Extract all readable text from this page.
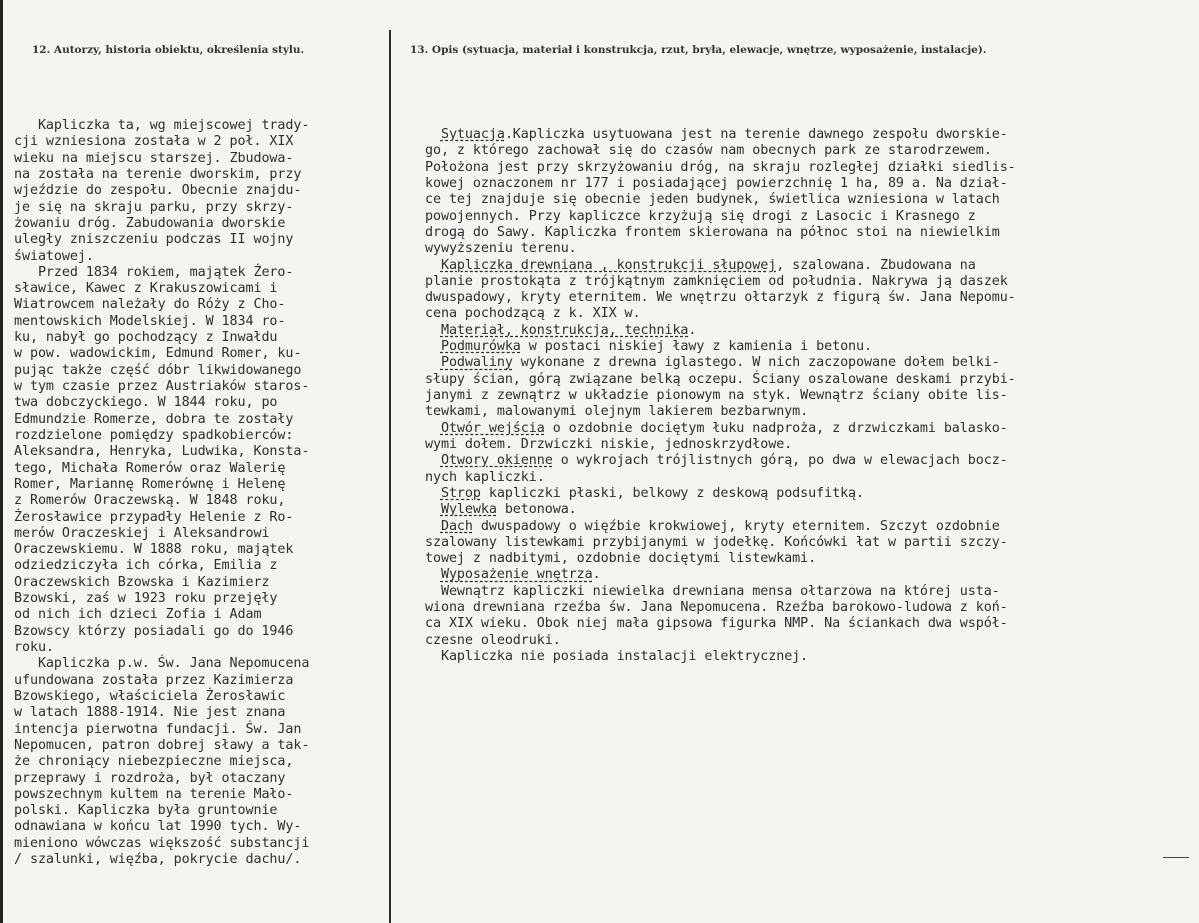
12. Autorzy, historia obiektu, określenia stylu.	13. Opis (sytuacja, materiał i konstrukcja, rzut, bryła, elewacje, wnętrze, wyposażenie, instalacje).
Kapliczka ta, wg miejscowej trady-
cji wzniesiona została w 2 poł. XIX
wieku na miejscu starszej. Zbudowa-
na została na terenie dworskim, przy
wjeździe do zespołu. Obecnie znajdu-
je się na skraju parku, przy skrzy-
żowaniu dróg. Zabudowania dworskie
uległy zniszczeniu podczas II wojny
światowej.
Przed 1834 rokiem, majątek Żero-
sławice, Kawec z Krakuszowicami i
Wiatrowcem należały do Róży z Cho-
mentowskich Modelskiej. W 1834 ro-
ku, nabył go pochodzący z Inwałdu
w pow. wadowickim, Edmund Romer, ku-
pując także część dóbr likwidowanego
w tym czasie przez Austriaków staros-
twa dobczyckiego. W 1844 roku, po
Edmundzie Romerze, dobra te zostały
rozdzielone pomiędzy spadkobierców:
Aleksandra, Henryka, Ludwika, Konsta-
tego, Michała Romerów oraz Walerię
Romer, Mariannę Romerównę i Helenę
z Romerów Oraczewską. W 1848 roku,
Żerosławice przypadły Helenie z Ro-
merów Oraczeskiej i Aleksandrowi
Oraczewskiemu. W 1888 roku, majątek
odziedziczyła ich córka, Emilia z
Oraczewskich Bzowska i Kazimierz
Bzowski, zaś w 1923 roku przejęły
od nich ich dzieci Zofia i Adam
Bzowscy którzy posiadali go do 1946
roku.
Kapliczka p.w. Św. Jana Nepomucena
ufundowana została przez Kazimierza
Bzowskiego, właściciela Żerosławic
w latach 1888-1914. Nie jest znana
intencja pierwotna fundacji. Św. Jan
Nepomucen, patron dobrej sławy a tak-
że chroniący niebezpieczne miejsca,
przeprawy i rozdroża, był otaczany
powszechnym kultem na terenie Mało-
polski. Kapliczka była gruntownie
odnawiana w końcu lat 1990 tych. Wy-
mieniono wówczas większość substancji
/ szalunki, więźba, pokrycie dachu/.
Sytuacja.Kapliczka usytuowana jest na terenie dawnego zespołu dworskie-
go, z którego zachował się do czasów nam obecnych park ze starodrzewem.
Położona jest przy skrzyżowaniu dróg, na skraju rozległej działki siedlis-
kowej oznaczonem nr 177 i posiadającej powierzchnię 1 ha, 89 a. Na dział-
ce tej znajduje się obecnie jeden budynek, świetlica wzniesiona w latach
powojennych. Przy kapliczce krzyżują się drogi z Lasocic i Krasnego z
drogą do Sawy. Kapliczka frontem skierowana na północ stoi na niewielkim
wywyższeniu terenu.
Kapliczka drewniana , konstrukcji słupowej, szalowana. Zbudowana na
planie prostokąta z trójkątnym zamknięciem od południa. Nakrywa ją daszek
dwuspadowy, kryty eternitem. We wnętrzu ołtarzyk z figurą św. Jana Nepomu-
cena pochodzącą z k. XIX w.
Materiał, konstrukcja, technika.
Podmurówka w postaci niskiej ławy z kamienia i betonu.
Podwaliny wykonane z drewna iglastego. W nich zaczopowane dołem belki-
słupy ścian, górą związane belką oczepu. Ściany oszalowane deskami przybi-
janymi z zewnątrz w układzie pionowym na styk. Wewnątrz ściany obite lis-
tewkami, malowanymi olejnym lakierem bezbarwnym.
Otwór wejścia o ozdobnie dociętym łuku nadproża, z drzwiczkami balasko-
wymi dołem. Drzwiczki niskie, jednoskrzydłowe.
Otwory okienne o wykrojach trójlistnych górą, po dwa w elewacjach bocz-
nych kapliczki.
Strop kapliczki płaski, belkowy z deskową podsufitką.
Wylewka betonowa.
Dach dwuspadowy o więźbie krokwiowej, kryty eternitem. Szczyt ozdobnie
szalowany listewkami przybijanymi w jodełkę. Końcówki łat w partii szczy-
towej z nadbitymi, ozdobnie dociętymi listewkami.
Wyposażenie wnętrza.
Wewnątrz kapliczki niewielka drewniana mensa ołtarzowa na której usta-
wiona drewniana rzeźba św. Jana Nepomucena. Rzeźba barokowo-ludowa z koń-
ca XIX wieku. Obok niej mała gipsowa figurka NMP. Na ściankach dwa współ-
czesne oleodruki.
Kapliczka nie posiada instalacji elektrycznej.
